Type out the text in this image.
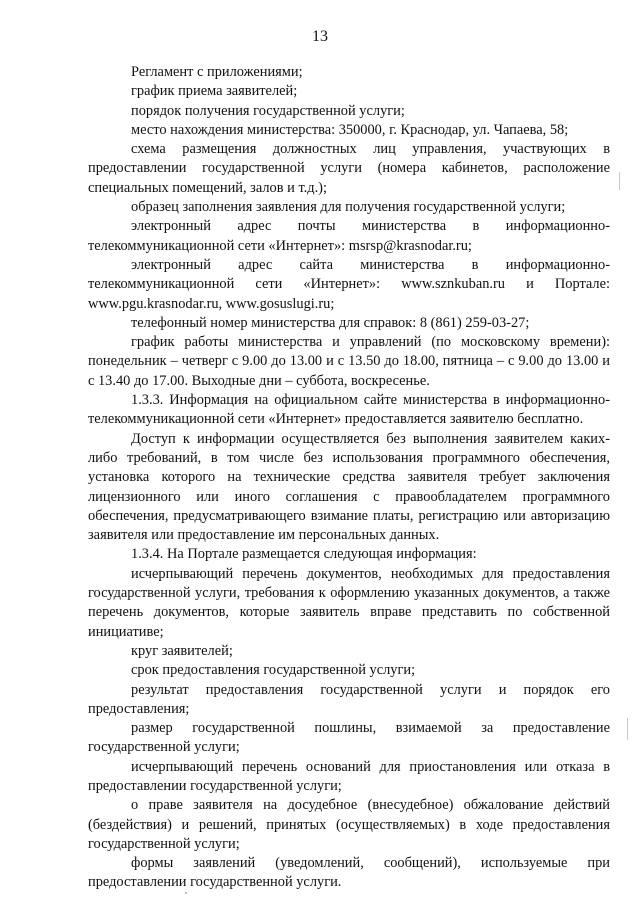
13

Регламент с приложениями;

график приема заявителей;

порядок получения государственной услуги;

место нахождения министерства: 350000, г. Краснодар, ул. Чапаева, 58;

схема размещения должностных лиц управления, участвующих в предоставлении государственной услуги (номера кабинетов, расположение специальных помещений, залов и т.д.);

образец заполнения заявления для получения государственной услуги;

электронный адрес почты министерства в информационно-телекоммуникационной сети «Интернет»: msrsp@krasnodar.ru;

электронный адрес сайта министерства в информационно-телекоммуникационной сети «Интернет»: www.sznkuban.ru и Портале: www.pgu.krasnodar.ru, www.gosuslugi.ru;

телефонный номер министерства для справок: 8 (861) 259-03-27;

график работы министерства и управлений (по московскому времени): понедельник – четверг с 9.00 до 13.00 и с 13.50 до 18.00, пятница – с 9.00 до 13.00 и с 13.40 до 17.00. Выходные дни – суббота, воскресенье.

1.3.3. Информация на официальном сайте министерства в информационно-телекоммуникационной сети «Интернет» предоставляется заявителю бесплатно.

Доступ к информации осуществляется без выполнения заявителем каких-либо требований, в том числе без использования программного обеспечения, установка которого на технические средства заявителя требует заключения лицензионного или иного соглашения с правообладателем программного обеспечения, предусматривающего взимание платы, регистрацию или авторизацию заявителя или предоставление им персональных данных.

1.3.4. На Портале размещается следующая информация:

исчерпывающий перечень документов, необходимых для предоставления государственной услуги, требования к оформлению указанных документов, а также перечень документов, которые заявитель вправе представить по собственной инициативе;

круг заявителей;

срок предоставления государственной услуги;

результат предоставления государственной услуги и порядок его предоставления;

размер государственной пошлины, взимаемой за предоставление государственной услуги;

исчерпывающий перечень оснований для приостановления или отказа в предоставлении государственной услуги;

о праве заявителя на досудебное (внесудебное) обжалование действий (бездействия) и решений, принятых (осуществляемых) в ходе предоставления государственной услуги;

формы заявлений (уведомлений, сообщений), используемые при предоставлении государственной услуги.
